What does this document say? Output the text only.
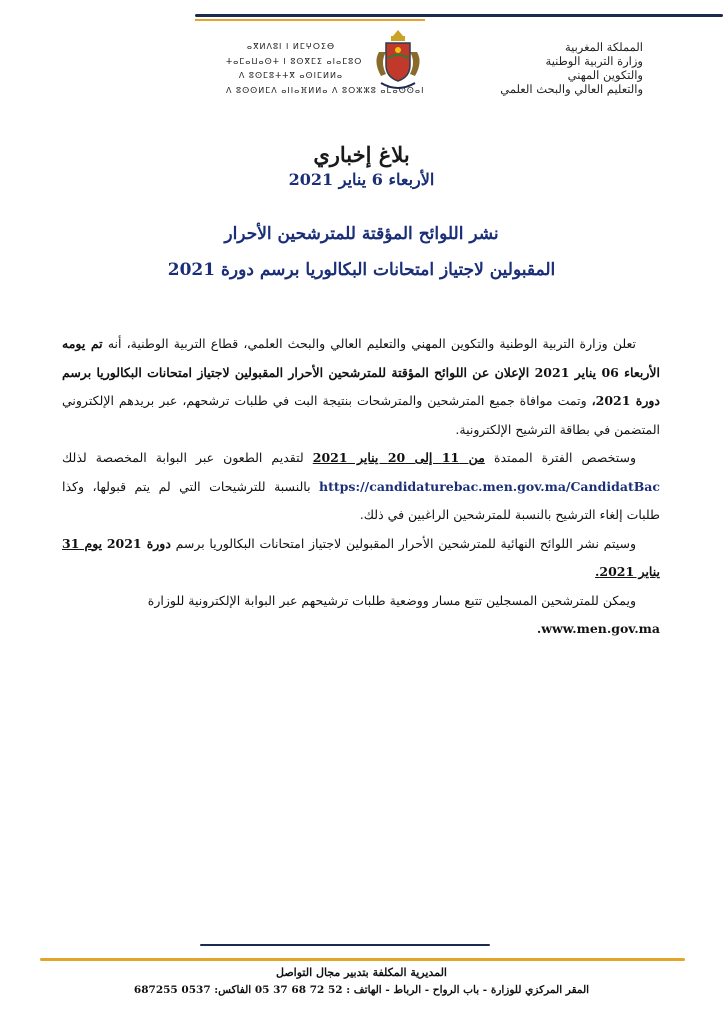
ⴰⴳⵍⴷⵓⵏ ⵏ ⵍⵎⵖⵔⵉⴱ
ⵜⴰⵎⴰⵡⴰⵙⵜ ⵏ ⵓⵙⴳⵎⵉ ⴰⵏⴰⵎⵓⵔ
ⴷ ⵓⵙⵎⵓⵜⵜⴳ ⴰⵙⵏⵎⵍⵍⴰ
ⴷ ⵓⵙⵙⵍⵎⴷ ⴰⵏⵏⴰⴼⵍⵍⴰ ⴷ ⵓⵔⵣⵣⵓ ⴰⵎⴰⵙⵙⴰⵏ
المملكة المغربية
وزارة التربية الوطنية
والتكوين المهني
والتعليم العالي والبحث العلمي
بلاغ إخباري
الأربعاء 6 يناير 2021
نشر اللوائح المؤقتة للمترشحين الأحرار
المقبولين لاجتياز امتحانات البكالوريا برسم دورة 2021

تعلن وزارة التربية الوطنية والتكوين المهني والتعليم العالي والبحث العلمي، قطاع التربية الوطنية، أنه تم يومه الأربعاء 06 يناير 2021 الإعلان عن اللوائح المؤقتة للمترشحين الأحرار المقبولين لاجتياز امتحانات البكالوريا برسم دورة 2021، وتمت موافاة جميع المترشحين والمترشحات بنتيجة البت في طلبات ترشحهم، عبر بريدهم الإلكتروني المتضمن في بطاقة الترشيح الإلكترونية.

وستخصص الفترة الممتدة من 11 إلى 20 يناير 2021 لتقديم الطعون عبر البوابة المخصصة لذلك https://candidaturebac.men.gov.ma/CandidatBac بالنسبة للترشيحات التي لم يتم قبولها، وكذا طلبات إلغاء الترشيح بالنسبة للمترشحين الراغبين في ذلك.

وسيتم نشر اللوائح النهائية للمترشحين الأحرار المقبولين لاجتياز امتحانات البكالوريا برسم دورة 2021 يوم 31 يناير 2021.

ويمكن للمترشحين المسجلين تتبع مسار ووضعية طلبات ترشيحهم عبر البوابة الإلكترونية للوزارة
www.men.gov.ma.

المديرية المكلفة بتدبير مجال التواصل
المقر المركزي للوزارة - باب الرواح - الرباط - الهاتف : 52 72 68 37 05 الفاكس: 0537 687255
